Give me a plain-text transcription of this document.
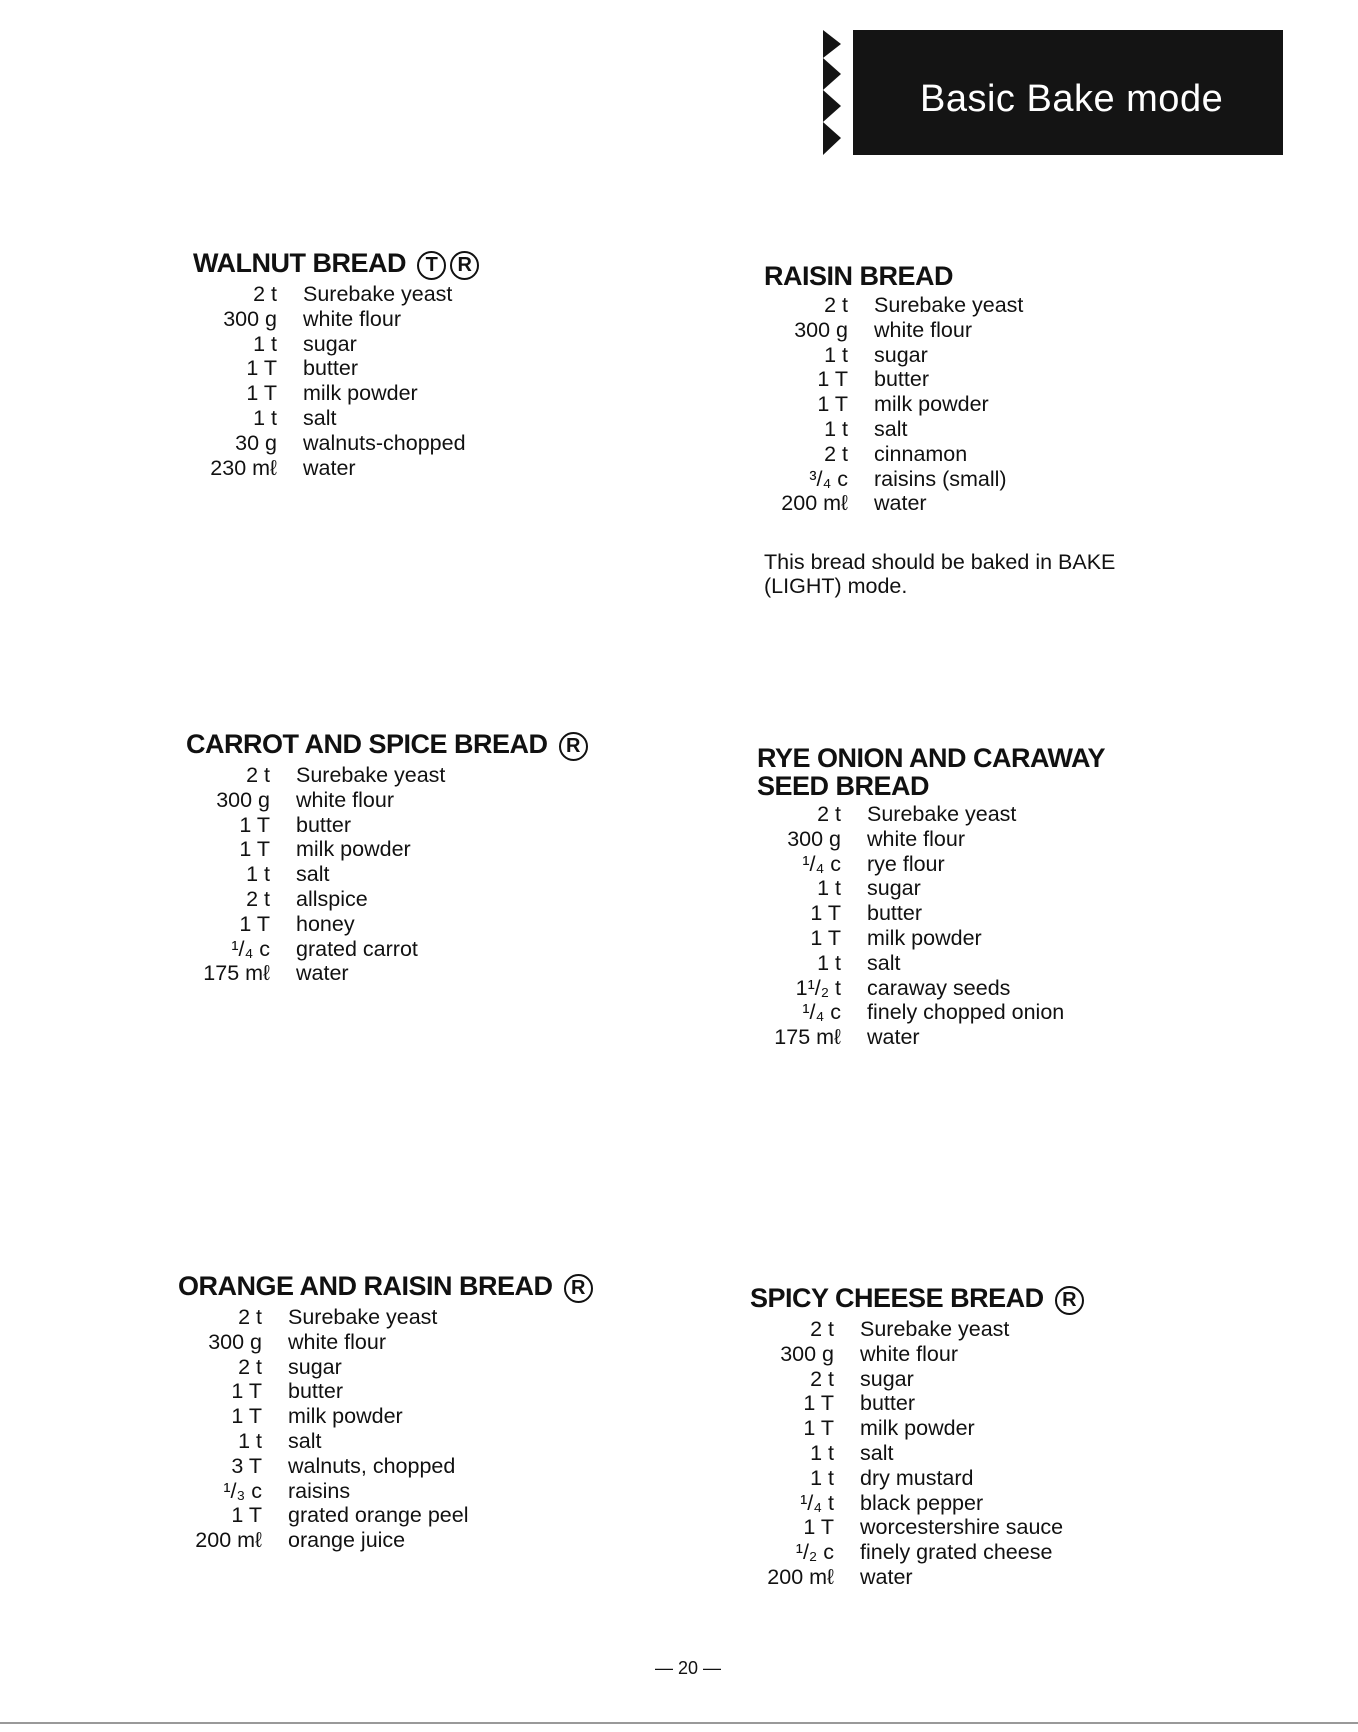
Basic Bake mode
WALNUT BREAD T R
2 t	Surebake yeast
300 g	white flour
1 t	sugar
1 T	butter
1 T	milk powder
1 t	salt
30 g	walnuts-chopped
230 mℓ	water
RAISIN BREAD
2 t	Surebake yeast
300 g	white flour
1 t	sugar
1 T	butter
1 T	milk powder
1 t	salt
2 t	cinnamon
³/₄ c	raisins (small)
200 mℓ	water
This bread should be baked in BAKE (LIGHT) mode.
CARROT AND SPICE BREAD R
2 t	Surebake yeast
300 g	white flour
1 T	butter
1 T	milk powder
1 t	salt
2 t	allspice
1 T	honey
¹/₄ c	grated carrot
175 mℓ	water
RYE ONION AND CARAWAY
SEED BREAD
2 t	Surebake yeast
300 g	white flour
¹/₄ c	rye flour
1 t	sugar
1 T	butter
1 T	milk powder
1 t	salt
1¹/₂ t	caraway seeds
¹/₄ c	finely chopped onion
175 mℓ	water
ORANGE AND RAISIN BREAD R
2 t	Surebake yeast
300 g	white flour
2 t	sugar
1 T	butter
1 T	milk powder
1 t	salt
3 T	walnuts, chopped
¹/₃ c	raisins
1 T	grated orange peel
200 mℓ	orange juice
SPICY CHEESE BREAD R
2 t	Surebake yeast
300 g	white flour
2 t	sugar
1 T	butter
1 T	milk powder
1 t	salt
1 t	dry mustard
¹/₄ t	black pepper
1 T	worcestershire sauce
¹/₂ c	finely grated cheese
200 mℓ	water
— 20 —
